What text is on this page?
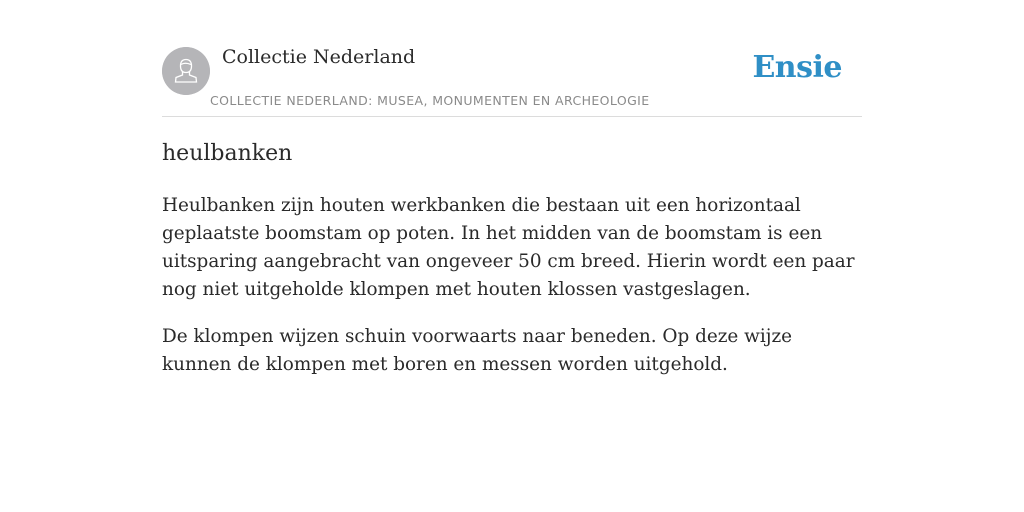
Collectie Nederland
COLLECTIE NEDERLAND: MUSEA, MONUMENTEN EN ARCHEOLOGIE
Ensie
heulbanken

Heulbanken zijn houten werkbanken die bestaan uit een horizontaal geplaatste boomstam op poten. In het midden van de boomstam is een uitsparing aangebracht van ongeveer 50 cm breed. Hierin wordt een paar nog niet uitgeholde klompen met houten klossen vastgeslagen.

De klompen wijzen schuin voorwaarts naar beneden. Op deze wijze kunnen de klompen met boren en messen worden uitgehold.
